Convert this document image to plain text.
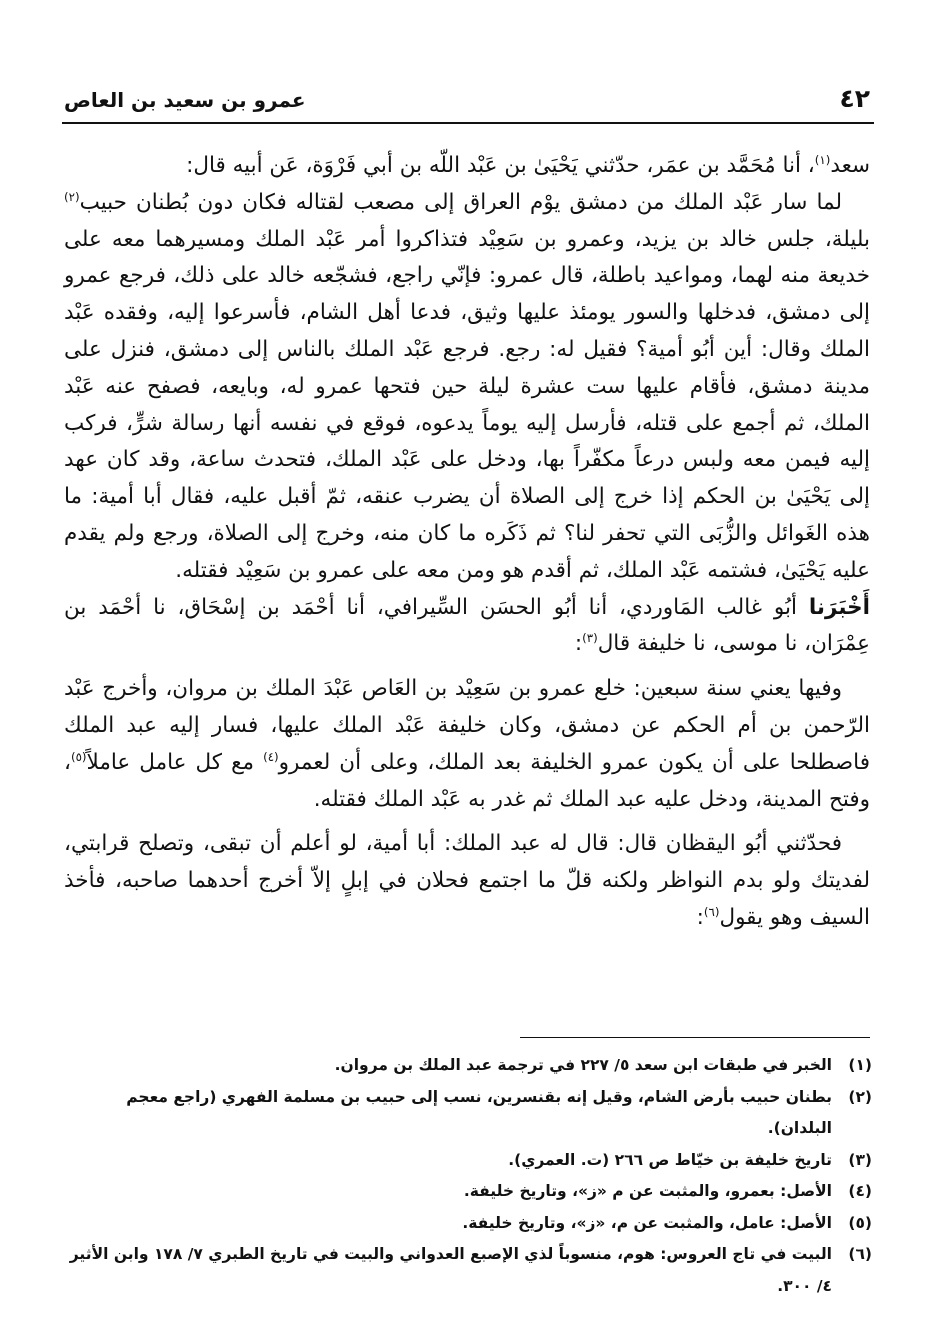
٤٢
عمرو بن سعيد بن العاص

سعد$^{(١)}$، أنا مُحَمَّد بن عمَر، حدّثني يَحْيَىٰ بن عَبْد اللّه بن أبي فَرْوَة، عَن أبيه قال:

لما سار عَبْد الملك من دمشق يوْم العراق إلى مصعب لقتاله فكان دون بُطنان حبيب$^{(٢)}$ بليلة، جلس خالد بن يزيد، وعمرو بن سَعِيْد فتذاكروا أمر عَبْد الملك ومسيرهما معه على خديعة منه لهما، ومواعيد باطلة، قال عمرو: فإنّي راجع، فشجّعه خالد على ذلك، فرجع عمرو إلى دمشق، فدخلها والسور يومئذ عليها وثيق، فدعا أهل الشام، فأسرعوا إليه، وفقده عَبْد الملك وقال: أين أبُو أمية؟ فقيل له: رجع. فرجع عَبْد الملك بالناس إلى دمشق، فنزل على مدينة دمشق، فأقام عليها ست عشرة ليلة حين فتحها عمرو له، وبايعه، فصفح عنه عَبْد الملك، ثم أجمع على قتله، فأرسل إليه يوماً يدعوه، فوقع في نفسه أنها رسالة شرٍّ، فركب إليه فيمن معه ولبس درعاً مكفّراً بها، ودخل على عَبْد الملك، فتحدث ساعة، وقد كان عهد إلى يَحْيَىٰ بن الحكم إذا خرج إلى الصلاة أن يضرب عنقه، ثمّ أقبل عليه، فقال أبا أمية: ما هذه الغَوائل والزُّبَى التي تحفر لنا؟ ثم ذَكَره ما كان منه، وخرج إلى الصلاة، ورجع ولم يقدم عليه يَحْيَىٰ، فشتمه عَبْد الملك، ثم أقدم هو ومن معه على عمرو بن سَعِيْد فقتله.

أَخْبَرَنا أبُو غالب المَاوردي، أنا أبُو الحسَن السِّيرافي، أنا أحْمَد بن إسْحَاق، نا أحْمَد بن عِمْرَان، نا موسى، نا خليفة قال$^{(٣)}$:

وفيها يعني سنة سبعين: خلع عمرو بن سَعِيْد بن العَاص عَبْدَ الملك بن مروان، وأخرج عَبْد الرّحمن بن أم الحكم عن دمشق، وكان خليفة عَبْد الملك عليها، فسار إليه عبد الملك فاصطلحا على أن يكون عمرو الخليفة بعد الملك، وعلى أن لعمرو$^{(٤)}$ مع كل عامل عاملاً$^{(٥)}$، وفتح المدينة، ودخل عليه عبد الملك ثم غدر به عَبْد الملك فقتله.

فحدّثني أبُو اليقظان قال: قال له عبد الملك: أبا أمية، لو أعلم أن تبقى، وتصلح قرابتي، لفديتك ولو بدم النواظر ولكنه قلّ ما اجتمع فحلان في إبلٍ إلاّ أخرج أحدهما صاحبه، فأخذ السيف وهو يقول$^{(٦)}$:

(١)
الخبر في طبقات ابن سعد ٥/ ٢٢٧ في ترجمة عبد الملك بن مروان.
(٢)
بطنان حبيب بأرض الشام، وقيل إنه بقنسرين، نسب إلى حبيب بن مسلمة الفهري (راجع معجم البلدان).
(٣)
تاريخ خليفة بن خيّاط ص ٢٦٦ (ت. العمري).
(٤)
الأصل: بعمرو، والمثبت عن م «ز»، وتاريخ خليفة.
(٥)
الأصل: عامل، والمثبت عن م، «ز»، وتاريخ خليفة.
(٦)
البيت في تاج العروس: هوم، منسوباً لذي الإصبع العدواني والبيت في تاريخ الطبري ٧/ ١٧٨ وابن الأثير ٤/ ٣٠٠.
